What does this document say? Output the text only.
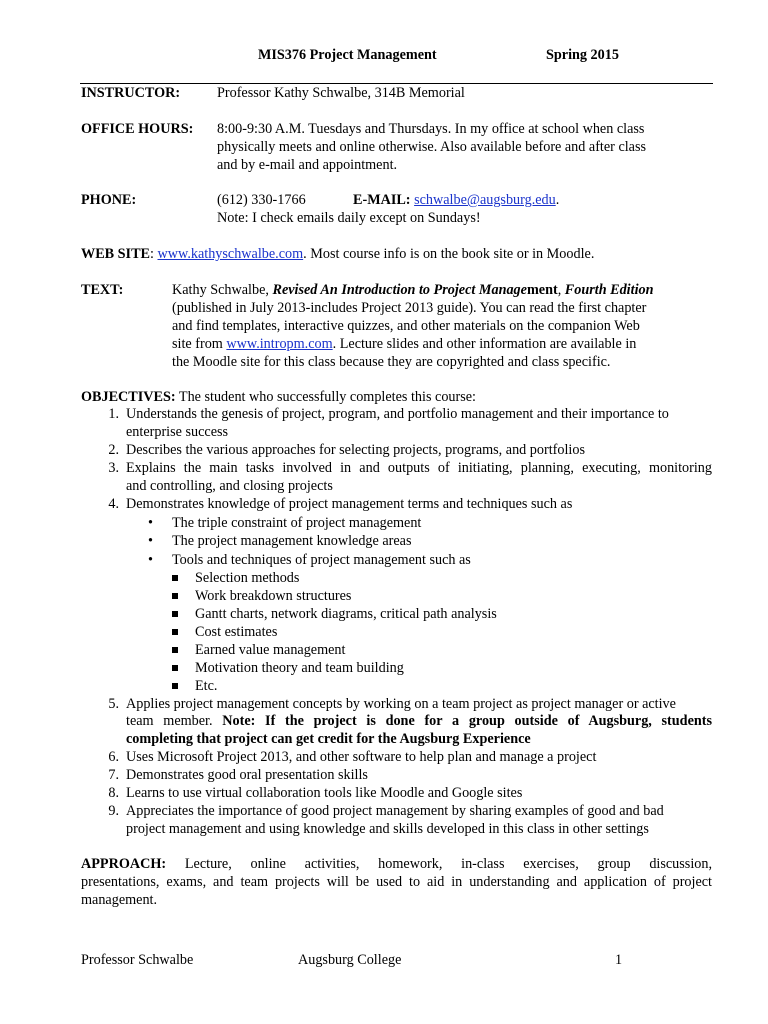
MIS376 Project Management	Spring 2015
INSTRUCTOR:	Professor Kathy Schwalbe, 314B Memorial
OFFICE HOURS: 8:00-9:30 A.M. Tuesdays and Thursdays. In my office at school when class
physically meets and online otherwise. Also available before and after class
and by e-mail and appointment.
PHONE:	(612) 330-1766	E-MAIL: schwalbe@augsburg.edu.
Note: I check emails daily except on Sundays!
WEB SITE: www.kathyschwalbe.com. Most course info is on the book site or in Moodle.
TEXT:	Kathy Schwalbe, Revised An Introduction to Project Management, Fourth Edition
(published in July 2013-includes Project 2013 guide). You can read the first chapter
and find templates, interactive quizzes, and other materials on the companion Web
site from www.intropm.com. Lecture slides and other information are available in
the Moodle site for this class because they are copyrighted and class specific.
OBJECTIVES: The student who successfully completes this course:
1. Understands the genesis of project, program, and portfolio management and their importance to
enterprise success
2. Describes the various approaches for selecting projects, programs, and portfolios
3. Explains the main tasks involved in and outputs of initiating, planning, executing, monitoring
and controlling, and closing projects
4. Demonstrates knowledge of project management terms and techniques such as
• The triple constraint of project management
• The project management knowledge areas
• Tools and techniques of project management such as
Selection methods
Work breakdown structures
Gantt charts, network diagrams, critical path analysis
Cost estimates
Earned value management
Motivation theory and team building
Etc.
5. Applies project management concepts by working on a team project as project manager or active
team member. Note: If the project is done for a group outside of Augsburg, students
completing that project can get credit for the Augsburg Experience
6. Uses Microsoft Project 2013, and other software to help plan and manage a project
7. Demonstrates good oral presentation skills
8. Learns to use virtual collaboration tools like Moodle and Google sites
9. Appreciates the importance of good project management by sharing examples of good and bad
project management and using knowledge and skills developed in this class in other settings
APPROACH: Lecture, online activities, homework, in-class exercises, group discussion,
presentations, exams, and team projects will be used to aid in understanding and application of project
management.
Professor Schwalbe	Augsburg College	1
